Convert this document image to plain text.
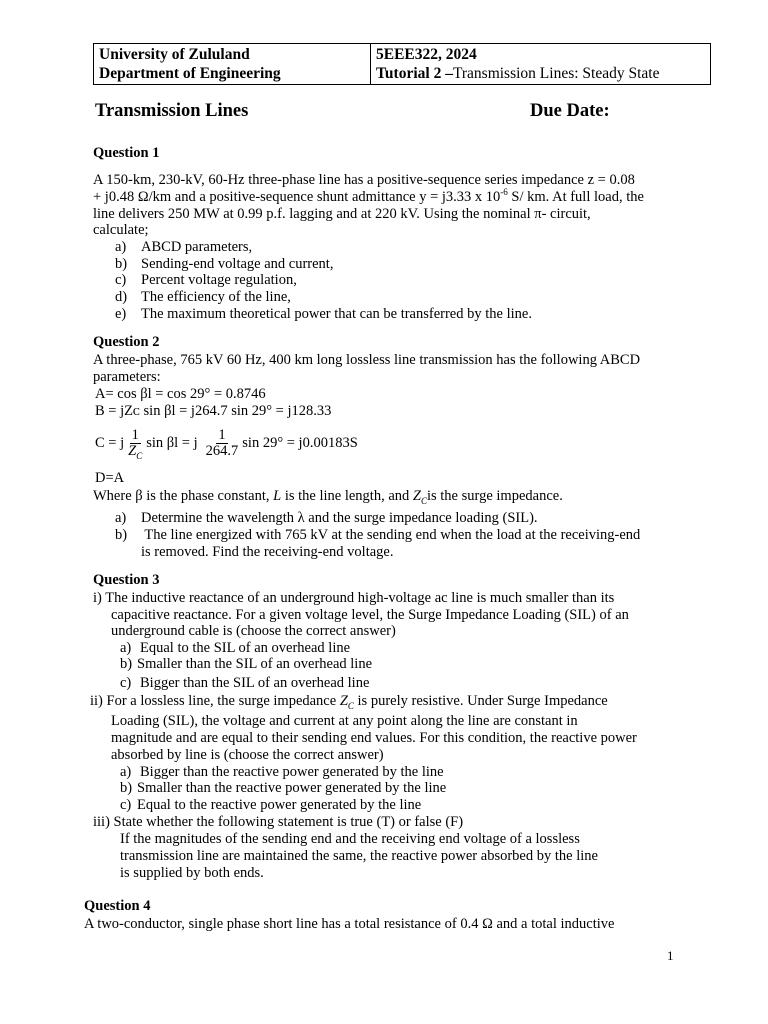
University of Zululand
Department of Engineering
5EEE322, 2024
Tutorial 2 –Transmission Lines: Steady State
Transmission Lines	Due Date:
Question 1
A 150-km, 230-kV, 60-Hz three-phase line has a positive-sequence series impedance z = 0.08
+ j0.48 Ω/km and a positive-sequence shunt admittance y = j3.33 x $10^{-6}$ S/ km. At full load, the
line delivers 250 MW at 0.99 p.f. lagging and at 220 kV. Using the nominal π- circuit,
calculate;
a) ABCD parameters,
b) Sending-end voltage and current,
c) Percent voltage regulation,
d) The efficiency of the line,
e) The maximum theoretical power that can be transferred by the line.
Question 2
A three-phase, 765 kV 60 Hz, 400 km long lossless line transmission has the following ABCD
parameters:
A= cos βl = cos 29° = 0.8746
B = jZᴄ sin βl = j264.7 sin 29° = j128.33
C = j $\frac{1}{Z_C}$ sin βl = j $\frac{1}{264.7}$ sin 29° = j0.00183S
D=A
Where β is the phase constant, L is the line length, and $Z_Cis$ the surge impedance.
a) Determine the wavelength λ and the surge impedance loading (SIL).
b) The line energized with 765 kV at the sending end when the load at the receiving-end
is removed. Find the receiving-end voltage.
Question 3
i) The inductive reactance of an underground high-voltage ac line is much smaller than its
capacitive reactance. For a given voltage level, the Surge Impedance Loading (SIL) of an
underground cable is (choose the correct answer)
a) Equal to the SIL of an overhead line
b) Smaller than the SIL of an overhead line
c) Bigger than the SIL of an overhead line
ii) For a lossless line, the surge impedance $Z_C$ is purely resistive. Under Surge Impedance
Loading (SIL), the voltage and current at any point along the line are constant in
magnitude and are equal to their sending end values. For this condition, the reactive power
absorbed by line is (choose the correct answer)
a) Bigger than the reactive power generated by the line
b) Smaller than the reactive power generated by the line
c) Equal to the reactive power generated by the line
iii) State whether the following statement is true (T) or false (F)
If the magnitudes of the sending end and the receiving end voltage of a lossless
transmission line are maintained the same, the reactive power absorbed by the line
is supplied by both ends.
Question 4
A two-conductor, single phase short line has a total resistance of 0.4 Ω and a total inductive
1
